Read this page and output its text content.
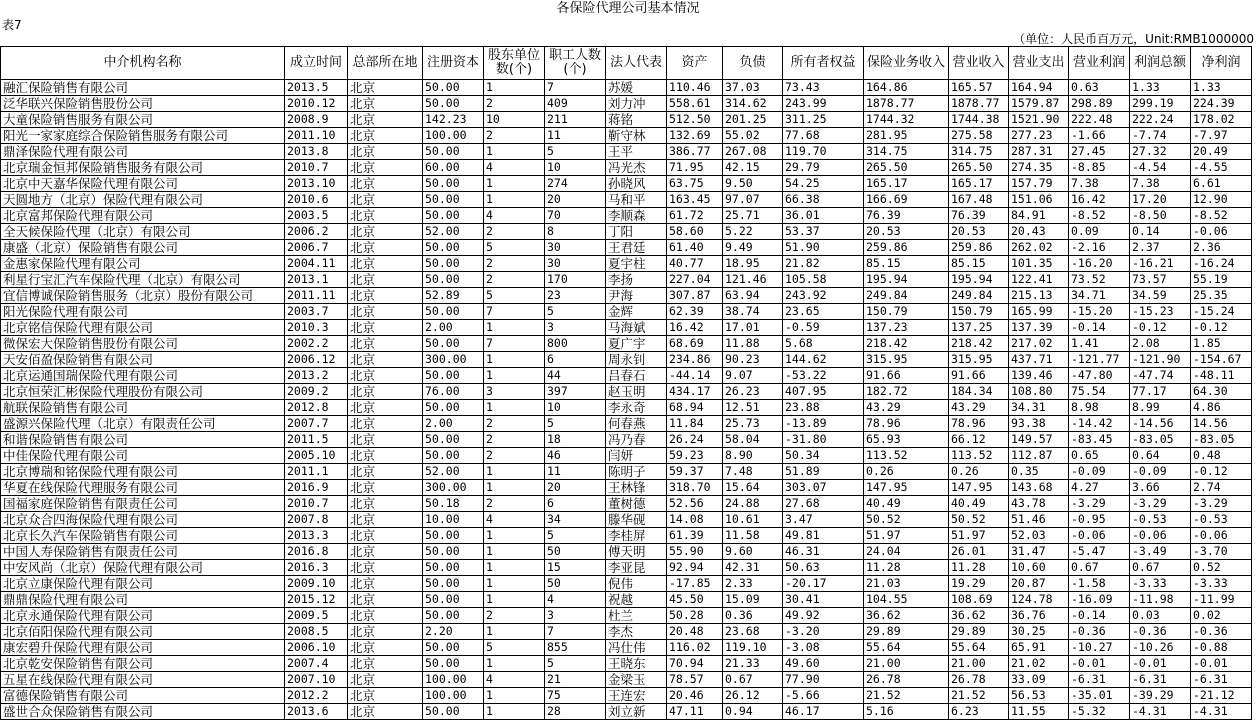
各保险代理公司基本情况
表7
（单位：人民币百万元，Unit:RMB1000000
中介机构名称	成立时间	总部所在地	注册资本	股东单位数(个)	职工人数(个)	法人代表	资产	负债	所有者权益	保险业务收入	营业收入	营业支出	营业利润	利润总额	净利润
融汇保险销售有限公司	2013.5	北京	50.00	1	7	苏媛	110.46	37.03	73.43	164.86	165.57	164.94	0.63	1.33	1.33
泛华联兴保险销售股份公司	2010.12	北京	50.00	2	409	刘力冲	558.61	314.62	243.99	1878.77	1878.77	1579.87	298.89	299.19	224.39
大童保险销售服务有限公司	2008.9	北京	142.23	10	211	蒋铭	512.50	201.25	311.25	1744.32	1744.38	1521.90	222.48	222.24	178.02
阳光一家家庭综合保险销售服务有限公司	2011.10	北京	100.00	2	11	靳守林	132.69	55.02	77.68	281.95	275.58	277.23	-1.66	-7.74	-7.97
鼎泽保险代理有限公司	2013.8	北京	50.00	1	5	王平	386.77	267.08	119.70	314.75	314.75	287.31	27.45	27.32	20.49
北京瑞金恒邦保险销售服务有限公司	2010.7	北京	60.00	4	10	冯光杰	71.95	42.15	29.79	265.50	265.50	274.35	-8.85	-4.54	-4.55
北京中天嘉华保险代理有限公司	2013.10	北京	50.00	1	274	孙晓风	63.75	9.50	54.25	165.17	165.17	157.79	7.38	7.38	6.61
天圆地方（北京）保险代理有限公司	2010.6	北京	50.00	1	20	马和平	163.45	97.07	66.38	166.69	167.48	151.06	16.42	17.20	12.90
北京富邦保险代理有限公司	2003.5	北京	50.00	4	70	李顺森	61.72	25.71	36.01	76.39	76.39	84.91	-8.52	-8.50	-8.52
全天候保险代理（北京）有限公司	2006.2	北京	52.00	2	8	丁阳	58.60	5.22	53.37	20.53	20.53	20.43	0.09	0.14	-0.06
康盛（北京）保险销售有限公司	2006.7	北京	50.00	5	30	王君廷	61.40	9.49	51.90	259.86	259.86	262.02	-2.16	2.37	2.36
金惠家保险代理有限公司	2004.11	北京	50.00	2	30	夏宇柱	40.77	18.95	21.82	85.15	85.15	101.35	-16.20	-16.21	-16.24
利星行宝汇汽车保险代理（北京）有限公司	2013.1	北京	50.00	2	170	李扬	227.04	121.46	105.58	195.94	195.94	122.41	73.52	73.57	55.19
宜信博诚保险销售服务（北京）股份有限公司	2011.11	北京	52.89	5	23	尹海	307.87	63.94	243.92	249.84	249.84	215.13	34.71	34.59	25.35
阳光保险代理有限公司	2003.7	北京	50.00	7	5	金辉	62.39	38.74	23.65	150.79	150.79	165.99	-15.20	-15.23	-15.24
北京铭信保险代理有限公司	2010.3	北京	2.00	1	3	马海斌	16.42	17.01	-0.59	137.23	137.25	137.39	-0.14	-0.12	-0.12
微保宏大保险销售股份有限公司	2002.2	北京	50.00	7	800	夏广宇	68.69	11.88	5.68	218.42	218.42	217.02	1.41	2.08	1.85
天安佰盈保险销售有限公司	2006.12	北京	300.00	1	6	周永钊	234.86	90.23	144.62	315.95	315.95	437.71	-121.77	-121.90	-154.67
北京运通国瑞保险代理有限公司	2013.2	北京	50.00	1	44	吕春石	-44.14	9.07	-53.22	91.66	91.66	139.46	-47.80	-47.74	-48.11
北京恒荣汇彬保险代理股份有限公司	2009.2	北京	76.00	3	397	赵玉明	434.17	26.23	407.95	182.72	184.34	108.80	75.54	77.17	64.30
航联保险销售有限公司	2012.8	北京	50.00	1	10	李永奇	68.94	12.51	23.88	43.29	43.29	34.31	8.98	8.99	4.86
盛源兴保险代理（北京）有限责任公司	2007.7	北京	2.00	2	5	何春燕	11.84	25.73	-13.89	78.96	78.96	93.38	-14.42	-14.56	14.56
和谐保险销售有限公司	2011.5	北京	50.00	2	18	冯乃春	26.24	58.04	-31.80	65.93	66.12	149.57	-83.45	-83.05	-83.05
中佳保险代理有限公司	2005.10	北京	50.00	2	46	闫妍	59.23	8.90	50.34	113.52	113.52	112.87	0.65	0.64	0.48
北京博瑞和铭保险代理有限公司	2011.1	北京	52.00	1	11	陈明子	59.37	7.48	51.89	0.26	0.26	0.35	-0.09	-0.09	-0.12
华夏在线保险代理服务有限公司	2016.9	北京	300.00	1	20	王林锋	318.70	15.64	303.07	147.95	147.95	143.68	4.27	3.66	2.74
国福家庭保险销售有限责任公司	2010.7	北京	50.18	2	6	董树德	52.56	24.88	27.68	40.49	40.49	43.78	-3.29	-3.29	-3.29
北京众合四海保险代理有限公司	2007.8	北京	10.00	4	34	滕华砚	14.08	10.61	3.47	50.52	50.52	51.46	-0.95	-0.53	-0.53
北京长久汽车保险销售有限公司	2013.3	北京	50.00	1	5	李桂屏	61.39	11.58	49.81	51.97	51.97	52.03	-0.06	-0.06	-0.06
中国人寿保险销售有限责任公司	2016.8	北京	50.00	1	50	傅天明	55.90	9.60	46.31	24.04	26.01	31.47	-5.47	-3.49	-3.70
中安风尚（北京）保险代理有限公司	2016.3	北京	50.00	1	15	李亚昆	92.94	42.31	50.63	11.28	11.28	10.60	0.67	0.67	0.52
北京立康保险代理有限公司	2009.10	北京	50.00	1	50	倪伟	-17.85	2.33	-20.17	21.03	19.29	20.87	-1.58	-3.33	-3.33
鼎鼎保险代理有限公司	2015.12	北京	50.00	1	4	祝越	45.50	15.09	30.41	104.55	108.69	124.78	-16.09	-11.98	-11.99
北京永通保险代理有限公司	2009.5	北京	50.00	2	3	杜兰	50.28	0.36	49.92	36.62	36.62	36.76	-0.14	0.03	0.02
北京佰阳保险代理有限公司	2008.5	北京	2.20	1	7	李杰	20.48	23.68	-3.20	29.89	29.89	30.25	-0.36	-0.36	-0.36
康宏碧升保险代理有限公司	2006.10	北京	50.00	5	855	冯仕伟	116.02	119.10	-3.08	55.64	55.64	65.91	-10.27	-10.26	-0.88
北京乾安保险销售有限公司	2007.4	北京	50.00	1	5	王晓东	70.94	21.33	49.60	21.00	21.00	21.02	-0.01	-0.01	-0.01
五星在线保险代理有限公司	2007.10	北京	100.00	4	21	金梁玉	78.57	0.67	77.90	26.78	26.78	33.09	-6.31	-6.31	-6.31
富德保险销售有限公司	2012.2	北京	100.00	1	75	王连宏	20.46	26.12	-5.66	21.52	21.52	56.53	-35.01	-39.29	-21.12
盛世合众保险销售有限公司	2013.6	北京	50.00	1	28	刘立新	47.11	0.94	46.17	5.16	6.23	11.55	-5.32	-4.31	-4.31
